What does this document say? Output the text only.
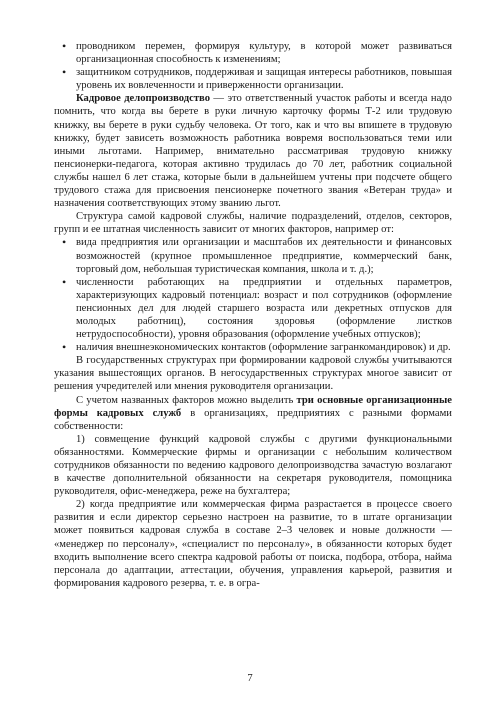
• проводником перемен, формируя культуру, в которой может развиваться организационная способность к изменениям;
• защитником сотрудников, поддерживая и защищая интересы работников, повышая уровень их вовлеченности и приверженности организации.

Кадровое делопроизводство — это ответственный участок работы и всегда надо помнить, что когда вы берете в руки личную карточку формы Т-2 или трудовую книжку, вы берете в руки судьбу человека. От того, как и что вы впишете в трудовую книжку, будет зависеть возможность работника вовремя воспользоваться теми или иными льготами. Например, внимательно рассматривая трудовую книжку пенсионерки-педагога, которая активно трудилась до 70 лет, работник социальной службы нашел 6 лет стажа, которые были в дальнейшем учтены при подсчете общего трудового стажа для присвоения пенсионерке почетного звания «Ветеран труда» и назначения соответствующих этому званию льгот.

Структура самой кадровой службы, наличие подразделений, отделов, секторов, групп и ее штатная численность зависит от многих факторов, например от:

• вида предприятия или организации и масштабов их деятельности и финансовых возможностей (крупное промышленное предприятие, коммерческий банк, торговый дом, небольшая туристическая компания, школа и т. д.);
• численности работающих на предприятии и отдельных параметров, характеризующих кадровый потенциал: возраст и пол сотрудников (оформление пенсионных дел для людей старшего возраста или декретных отпусков для молодых работниц), состояния здоровья (оформление листков нетрудоспособности), уровня образования (оформление учебных отпусков);
• наличия внешнеэкономических контактов (оформление загранкомандировок) и др.

В государственных структурах при формировании кадровой службы учитываются указания вышестоящих органов. В негосударственных структурах многое зависит от решения учредителей или мнения руководителя организации.

С учетом названных факторов можно выделить три основные организационные формы кадровых служб в организациях, предприятиях с разными формами собственности:

1) совмещение функций кадровой службы с другими функциональными обязанностями. Коммерческие фирмы и организации с небольшим количеством сотрудников обязанности по ведению кадрового делопроизводства зачастую возлагают в качестве дополнительной обязанности на секретаря руководителя, помощника руководителя, офис-менеджера, реже на бухгалтера;

2) когда предприятие или коммерческая фирма разрастается в процессе своего развития и если директор серьезно настроен на развитие, то в штате организации может появиться кадровая служба в составе 2–3 человек и новые должности — «менеджер по персоналу», «специалист по персоналу», в обязанности которых будет входить выполнение всего спектра кадровой работы от поиска, подбора, отбора, найма персонала до адаптации, аттестации, обучения, управления карьерой, развития и формирования кадрового резерва, т. е. в огра-

7
